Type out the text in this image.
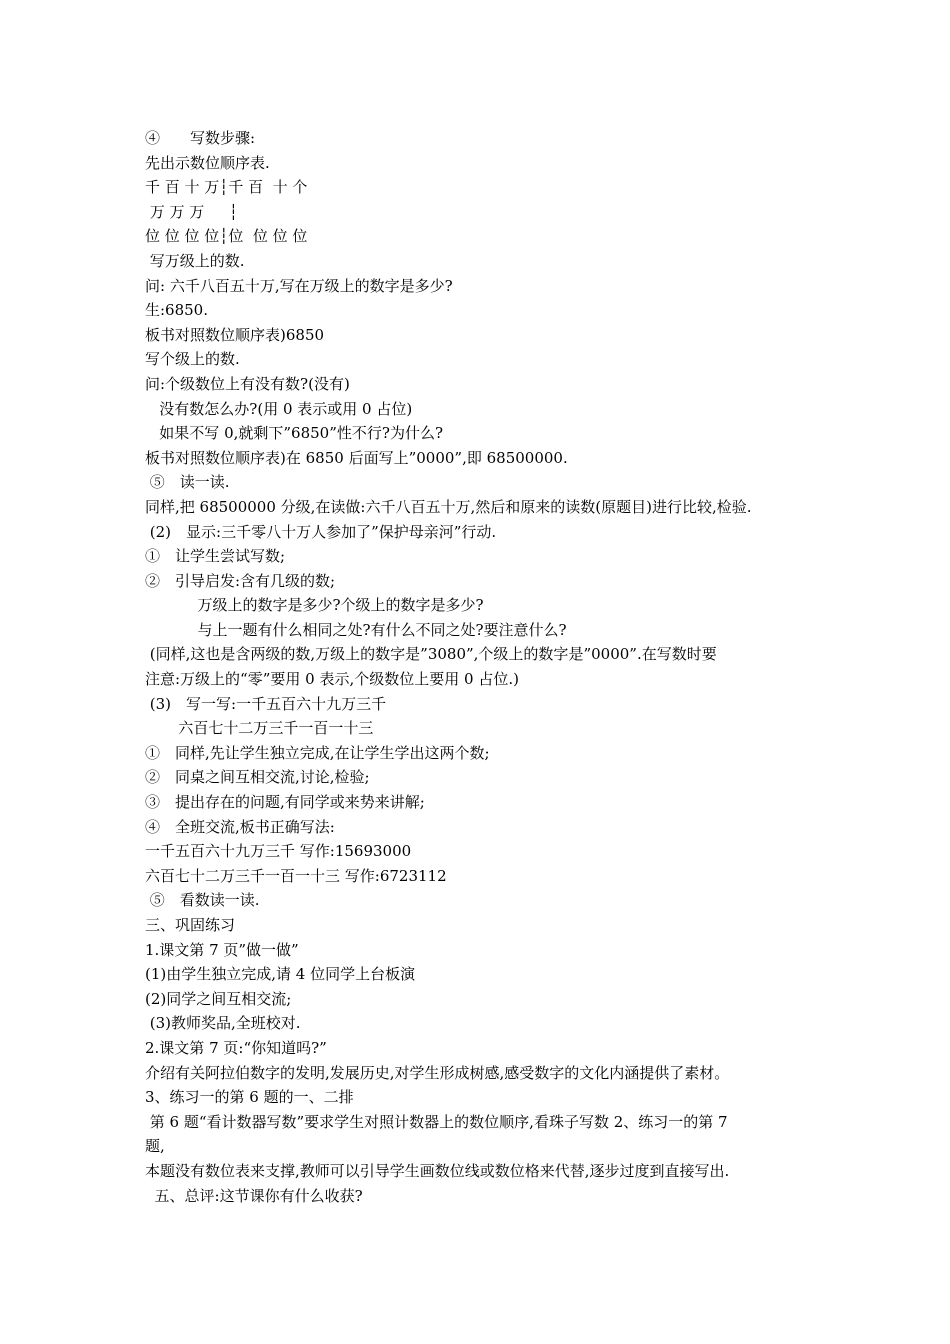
④　　写数步骤:
先出示数位顺序表.
千 百 十 万┆千 百  十 个
万 万 万  　┆
位 位 位 位┆位  位 位 位
写万级上的数.
问: 六千八百五十万,写在万级上的数字是多少?
生:6850.
板书对照数位顺序表)6850
写个级上的数.
问:个级数位上有没有数?(没有)
没有数怎么办?(用 0 表示或用 0 占位)
如果不写 0,就剩下”6850”性不行?为什么?
板书对照数位顺序表)在 6850 后面写上”0000”,即 68500000.
⑤　读一读.
同样,把 68500000 分级,在读做:六千八百五十万,然后和原来的读数(原题目)进行比较,检验.
(2)　显示:三千零八十万人参加了”保护母亲河”行动.
①　让学生尝试写数;
②　引导启发:含有几级的数;
万级上的数字是多少?个级上的数字是多少?
与上一题有什么相同之处?有什么不同之处?要注意什么?
(同样,这也是含两级的数,万级上的数字是”3080”,个级上的数字是”0000”.在写数时要
注意:万级上的“零”要用 0 表示,个级数位上要用 0 占位.)
(3)　写一写:一千五百六十九万三千
六百七十二万三千一百一十三
①　同样,先让学生独立完成,在让学生学出这两个数;
②　同桌之间互相交流,讨论,检验;
③　提出存在的问题,有同学或来势来讲解;
④　全班交流,板书正确写法:
一千五百六十九万三千 写作:15693000
六百七十二万三千一百一十三 写作:6723112
⑤　看数读一读.
三、巩固练习
1.课文第 7 页”做一做”
(1)由学生独立完成,请 4 位同学上台板演
(2)同学之间互相交流;
(3)教师奖品,全班校对.
2.课文第 7 页:“你知道吗?”
介绍有关阿拉伯数字的发明,发展历史,对学生形成树感,感受数字的文化内涵提供了素材。
3、练习一的第 6 题的一、二排
第 6 题“看计数器写数”要求学生对照计数器上的数位顺序,看珠子写数 2、练习一的第 7
题,
本题没有数位表来支撑,教师可以引导学生画数位线或数位格来代替,逐步过度到直接写出.
五、总评:这节课你有什么收获?
